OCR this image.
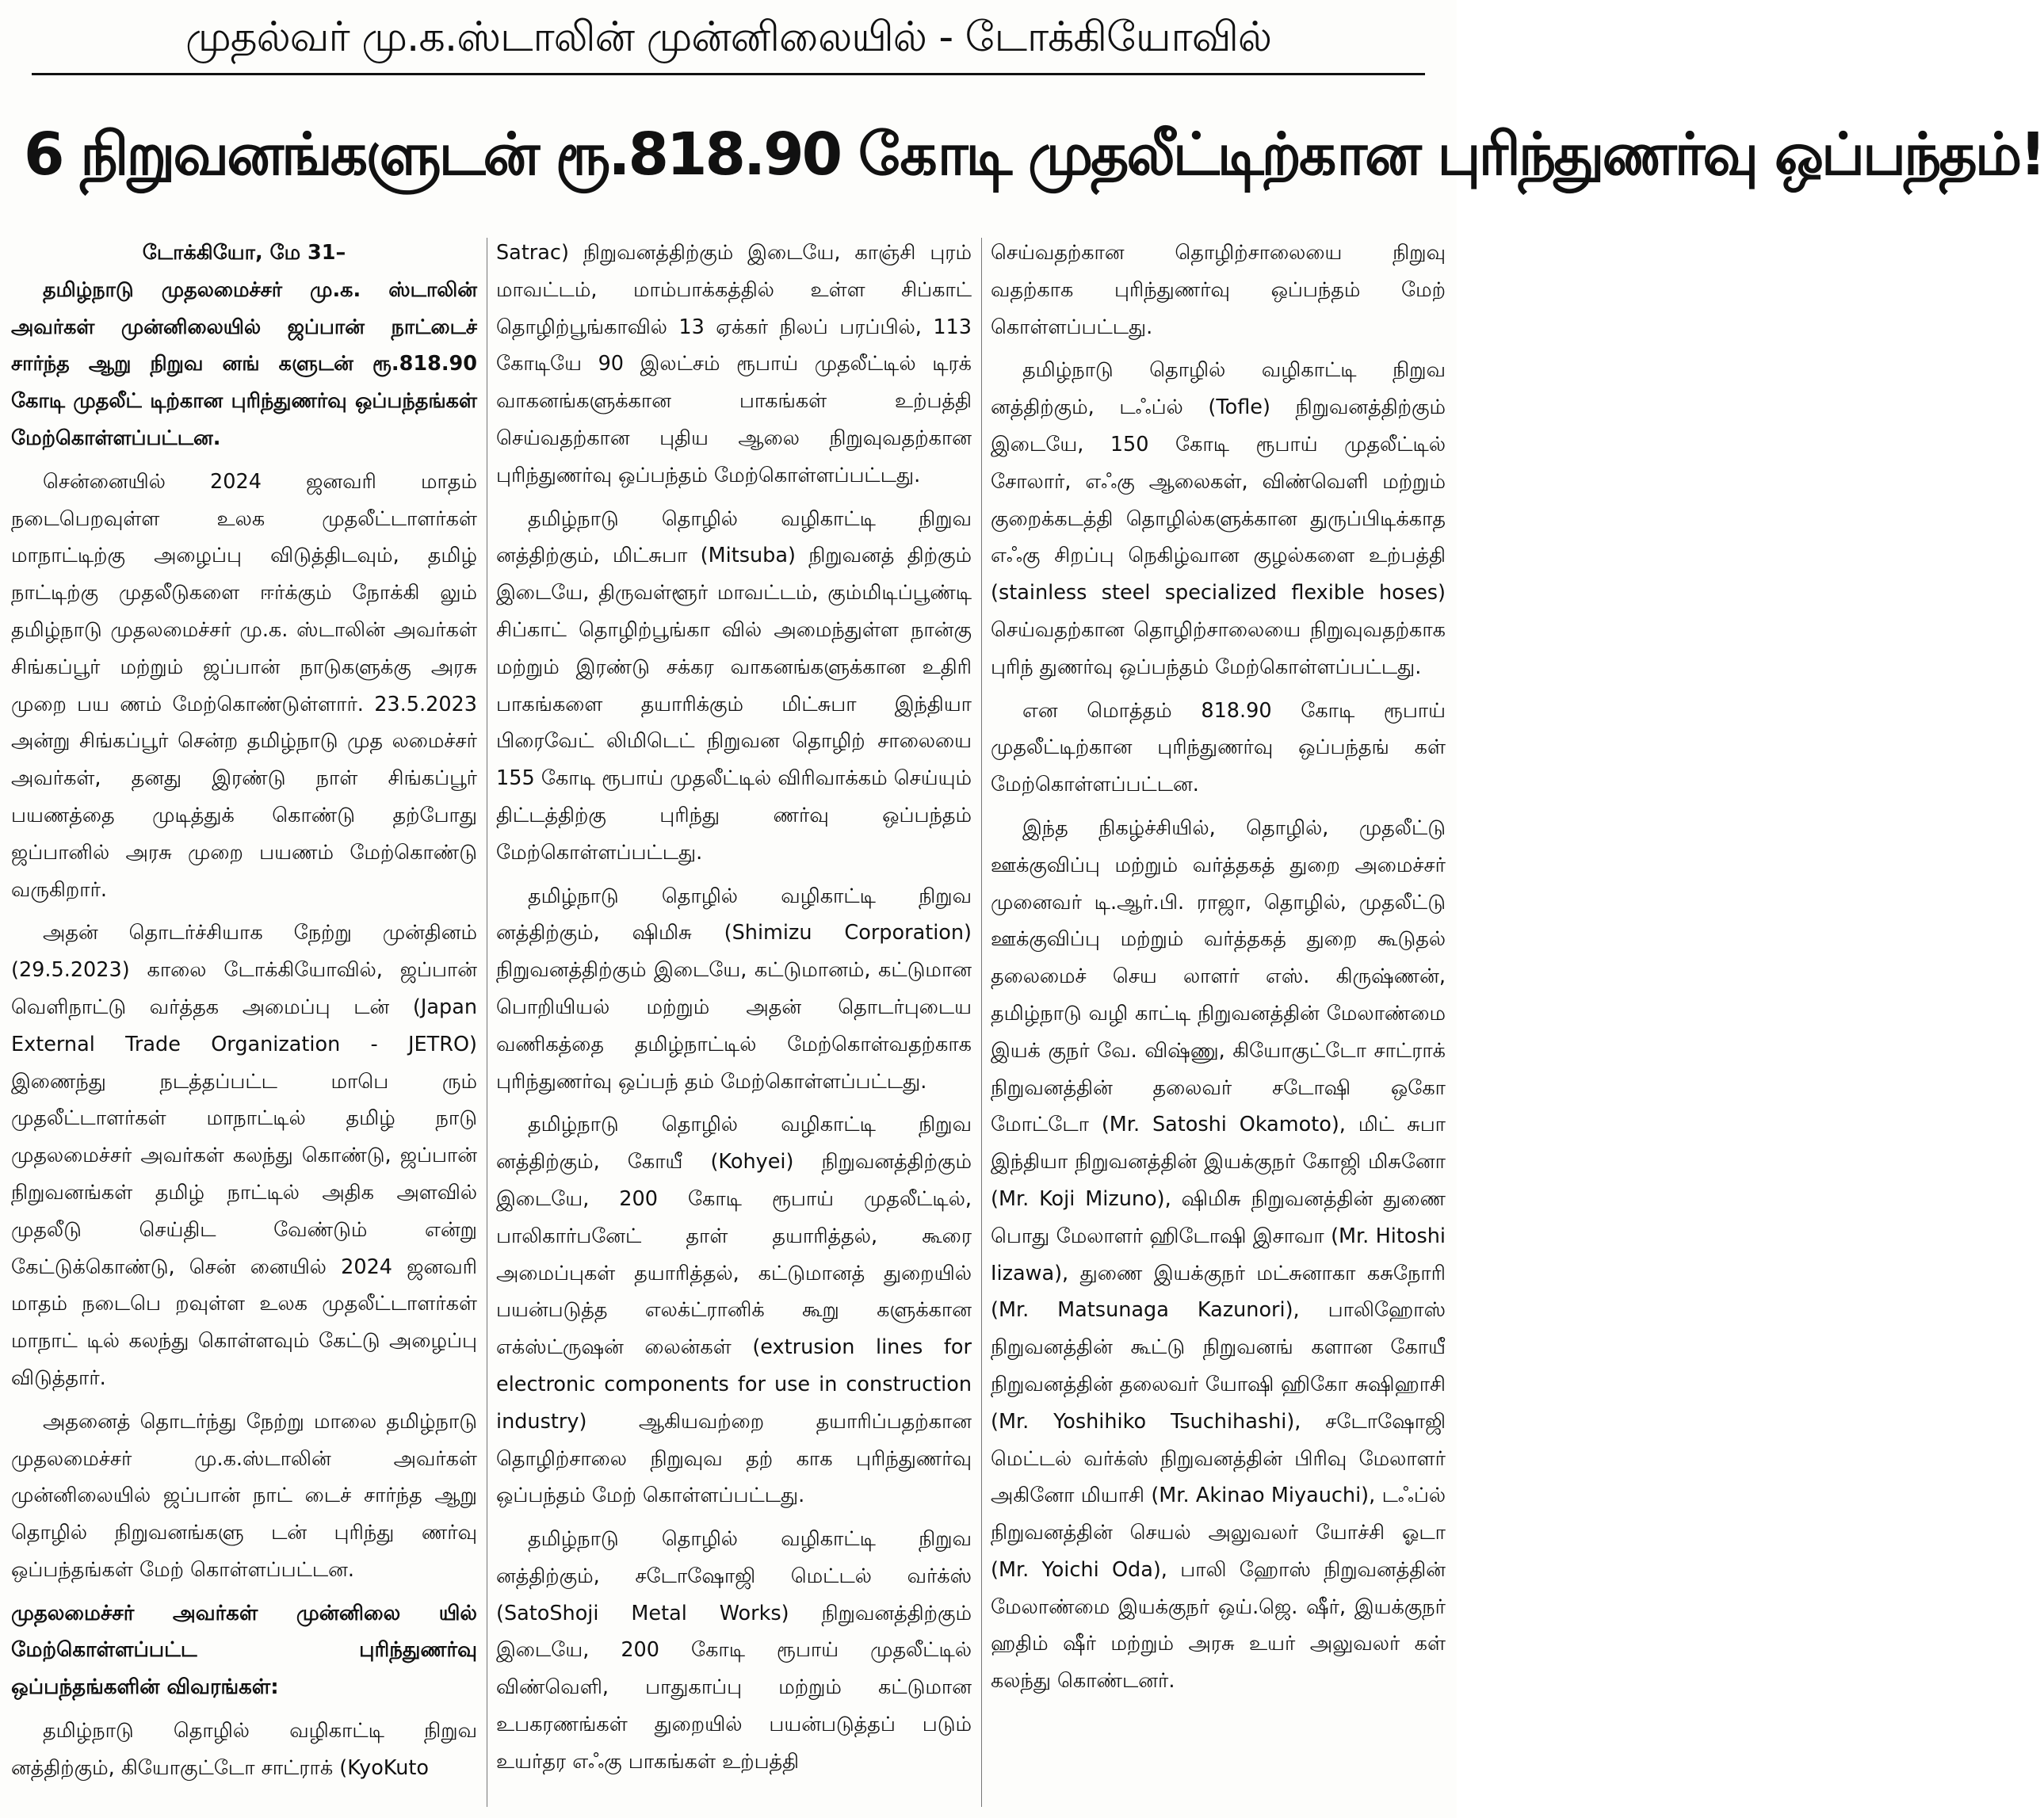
முதல்வர் மு.க.ஸ்டாலின் முன்னிலையில் - டோக்கியோவில்
6 நிறுவனங்களுடன் ரூ.818.90 கோடி முதலீட்டிற்கான புரிந்துணர்வு ஒப்பந்தம்!
டோக்கியோ, மே 31–

தமிழ்நாடு முதலமைச்சர் மு.க. ஸ்டாலின் அவர்கள் முன்னிலையில் ஜப்பான் நாட்டைச் சார்ந்த ஆறு நிறுவ னங் களுடன் ரூ.818.90 கோடி முதலீட் டிற்கான புரிந்துணர்வு ஒப்பந்தங்கள் மேற்கொள்ளப்பட்டன.

சென்னையில் 2024 ஜனவரி மாதம் நடைபெறவுள்ள உலக முதலீட்டாளர்கள் மாநாட்டிற்கு அழைப்பு விடுத்திடவும், தமிழ் நாட்டிற்கு முதலீடுகளை ஈர்க்கும் நோக்கி லும் தமிழ்நாடு முதலமைச்சர் மு.க. ஸ்டாலின் அவர்கள் சிங்கப்பூர் மற்றும் ஜப்பான் நாடுகளுக்கு அரசு முறை பய ணம் மேற்கொண்டுள்ளார். 23.5.2023 அன்று சிங்கப்பூர் சென்ற தமிழ்நாடு முத லமைச்சர் அவர்கள், தனது இரண்டு நாள் சிங்கப்பூர் பயணத்தை முடித்துக் கொண்டு தற்போது ஜப்பானில் அரசு முறை பயணம் மேற்கொண்டு வருகிறார்.

அதன் தொடர்ச்சியாக நேற்று முன்தினம் (29.5.2023) காலை டோக்கியோவில், ஜப்பான் வெளிநாட்டு வர்த்தக அமைப்பு டன் (Japan External Trade Organization - JETRO) இணைந்து நடத்தப்பட்ட மாபெ ரும் முதலீட்டாளர்கள் மாநாட்டில் தமிழ் நாடு முதலமைச்சர் அவர்கள் கலந்து கொண்டு, ஜப்பான் நிறுவனங்கள் தமிழ் நாட்டில் அதிக அளவில் முதலீடு செய்திட வேண்டும் என்று கேட்டுக்கொண்டு, சென் னையில் 2024 ஜனவரி மாதம் நடைபெ றவுள்ள உலக முதலீட்டாளர்கள் மாநாட் டில் கலந்து கொள்ளவும் கேட்டு அழைப்பு விடுத்தார்.

அதனைத் தொடர்ந்து நேற்று மாலை தமிழ்நாடு முதலமைச்சர் மு.க.ஸ்டாலின் அவர்கள் முன்னிலையில் ஜப்பான் நாட் டைச் சார்ந்த ஆறு தொழில் நிறுவனங்களு டன் புரிந்து ணர்வு ஒப்பந்தங்கள் மேற் கொள்ளப்பட்டன.

முதலமைச்சர் அவர்கள் முன்னிலை யில் மேற்கொள்ளப்பட்ட புரிந்துணர்வு ஒப்பந்தங்களின் விவரங்கள்:

தமிழ்நாடு தொழில் வழிகாட்டி நிறுவ னத்திற்கும், கியோகுட்டோ சாட்ராக் (KyoKuto

Satrac) நிறுவனத்திற்கும் இடையே, காஞ்சி புரம் மாவட்டம், மாம்பாக்கத்தில் உள்ள சிப்காட் தொழிற்பூங்காவில் 13 ஏக்கர் நிலப் பரப்பில், 113 கோடியே 90 இலட்சம் ரூபாய் முதலீட்டில் டிரக் வாகனங்களுக்கான பாகங்கள் உற்பத்தி செய்வதற்கான புதிய ஆலை நிறுவுவதற்கான புரிந்துணர்வு ஒப்பந்தம் மேற்கொள்ளப்பட்டது.

தமிழ்நாடு தொழில் வழிகாட்டி நிறுவ னத்திற்கும், மிட்சுபா (Mitsuba) நிறுவனத் திற்கும் இடையே, திருவள்ளூர் மாவட்டம், கும்மிடிப்பூண்டி சிப்காட் தொழிற்பூங்கா வில் அமைந்துள்ள நான்கு மற்றும் இரண்டு சக்கர வாகனங்களுக்கான உதிரி பாகங்களை தயாரிக்கும் மிட்சுபா இந்தியா பிரைவேட் லிமிடெட் நிறுவன தொழிற் சாலையை 155 கோடி ரூபாய் முதலீட்டில் விரிவாக்கம் செய்யும் திட்டத்திற்கு புரிந்து ணர்வு ஒப்பந்தம் மேற்கொள்ளப்பட்டது.

தமிழ்நாடு தொழில் வழிகாட்டி நிறுவ னத்திற்கும், ஷிமிசு (Shimizu Corporation) நிறுவனத்திற்கும் இடையே, கட்டுமானம், கட்டுமான பொறியியல் மற்றும் அதன் தொடர்புடைய வணிகத்தை தமிழ்நாட்டில் மேற்கொள்வதற்காக புரிந்துணர்வு ஒப்பந் தம் மேற்கொள்ளப்பட்டது.

தமிழ்நாடு தொழில் வழிகாட்டி நிறுவ னத்திற்கும், கோயீ (Kohyei) நிறுவனத்திற்கும் இடையே, 200 கோடி ரூபாய் முதலீட்டில், பாலிகார்பனேட் தாள் தயாரித்தல், கூரை அமைப்புகள் தயாரித்தல், கட்டுமானத் துறையில் பயன்படுத்த எலக்ட்ரானிக் கூறு களுக்கான எக்ஸ்ட்ருஷன் லைன்கள் (extrusion lines for electronic components for use in construction industry) ஆகியவற்றை தயாரிப்பதற்கான தொழிற்சாலை நிறுவுவ தற் காக புரிந்துணர்வு ஒப்பந்தம் மேற் கொள்ளப்பட்டது.

தமிழ்நாடு தொழில் வழிகாட்டி நிறுவ னத்திற்கும், சடோஷோஜி மெட்டல் வர்க்ஸ் (SatoShoji Metal Works) நிறுவனத்திற்கும் இடையே, 200 கோடி ரூபாய் முதலீட்டில் விண்வெளி, பாதுகாப்பு மற்றும் கட்டுமான உபகரணங்கள் துறையில் பயன்படுத்தப் படும் உயர்தர எஃகு பாகங்கள் உற்பத்தி

செய்வதற்கான தொழிற்சாலையை நிறுவு வதற்காக புரிந்துணர்வு ஒப்பந்தம் மேற் கொள்ளப்பட்டது.

தமிழ்நாடு தொழில் வழிகாட்டி நிறுவ னத்திற்கும், டஃப்ல் (Tofle) நிறுவனத்திற்கும் இடையே, 150 கோடி ரூபாய் முதலீட்டில் சோலார், எஃகு ஆலைகள், விண்வெளி மற்றும் குறைக்கடத்தி தொழில்களுக்கான துருப்பிடிக்காத எஃகு சிறப்பு நெகிழ்வான குழல்களை உற்பத்தி (stainless steel specialized flexible hoses) செய்வதற்கான தொழிற்சாலையை நிறுவுவதற்காக புரிந் துணர்வு ஒப்பந்தம் மேற்கொள்ளப்பட்டது.

என மொத்தம் 818.90 கோடி ரூபாய் முதலீட்டிற்கான புரிந்துணர்வு ஒப்பந்தங் கள் மேற்கொள்ளப்பட்டன.

இந்த நிகழ்ச்சியில், தொழில், முதலீட்டு ஊக்குவிப்பு மற்றும் வர்த்தகத் துறை அமைச்சர் முனைவர் டி.ஆர்.பி. ராஜா, தொழில், முதலீட்டு ஊக்குவிப்பு மற்றும் வர்த்தகத் துறை கூடுதல் தலைமைச் செய லாளர் எஸ். கிருஷ்ணன், தமிழ்நாடு வழி காட்டி நிறுவனத்தின் மேலாண்மை இயக் குநர் வே. விஷ்ணு, கியோகுட்டோ சாட்ராக் நிறுவனத்தின் தலைவர் சடோஷி ஒகோ மோட்டோ (Mr. Satoshi Okamoto), மிட் சுபா இந்தியா நிறுவனத்தின் இயக்குநர் கோஜி மிசுனோ (Mr. Koji Mizuno), ஷிமிசு நிறுவனத்தின் துணை பொது மேலாளர் ஹிடோஷி இசாவா (Mr. Hitoshi Iizawa), துணை இயக்குநர் மட்சுனாகா கசுநோரி (Mr. Matsunaga Kazunori), பாலிஹோஸ் நிறுவனத்தின் கூட்டு நிறுவனங் களான கோயீ நிறுவனத்தின் தலைவர் யோஷி ஹிகோ சுஷிஹாசி (Mr. Yoshihiko Tsuchihashi), சடோஷோஜி மெட்டல் வர்க்ஸ் நிறுவனத்தின் பிரிவு மேலாளர் அகினோ மியாசி (Mr. Akinao Miyauchi), டஃப்ல் நிறுவனத்தின் செயல் அலுவலர் யோச்சி ஓடா (Mr. Yoichi Oda), பாலி ஹோஸ் நிறுவனத்தின் மேலாண்மை இயக்குநர் ஒய்.ஜெ. ஷீர், இயக்குநர் ஹதிம் ஷீர் மற்றும் அரசு உயர் அலுவலர் கள் கலந்து கொண்டனர்.
